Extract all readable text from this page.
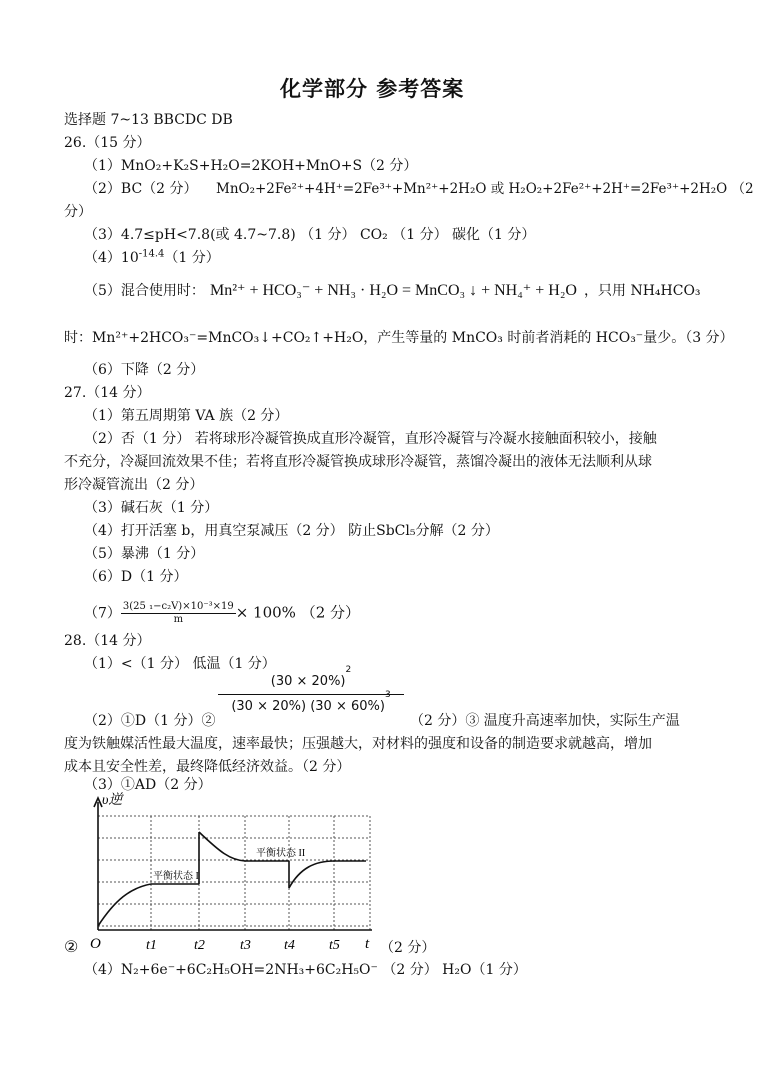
化学部分 参考答案
选择题 7~13 BBCDC DB
26.（15 分）
（1）MnO₂+K₂S+H₂O=2KOH+MnO+S（2 分）
（2）BC（2 分） MnO₂+2Fe²⁺+4H⁺=2Fe³⁺+Mn²⁺+2H₂O 或 H₂O₂+2Fe²⁺+2H⁺=2Fe³⁺+2H₂O （2
分）
（3）4.7≤pH<7.8(或 4.7~7.8) （1 分） CO₂ （1 分） 碳化（1 分）
$(4)10^{-14.4}(1$ 分）
（5）混合使用时： Mn²⁺ + HCO₃⁻ + NH₃ · H₂O = MnCO₃ ↓ + NH₄⁺ + H₂O ，只用 NH₄HCO₃
时：Mn²⁺+2HCO₃⁻=MnCO₃↓+CO₂↑+H₂O，产生等量的 MnCO₃ 时前者消耗的 HCO₃⁻量少。（3 分）
（6）下降（2 分）
27.（14 分）
（1）第五周期第 VA 族（2 分）
（2）否（1 分） 若将球形冷凝管换成直形冷凝管，直形冷凝管与冷凝水接触面积较小，接触
不充分，冷凝回流效果不佳；若将直形冷凝管换成球形冷凝管，蒸馏冷凝出的液体无法顺利从球
形冷凝管流出（2 分）
（3）碱石灰（1 分）
（4）打开活塞 b，用真空泵减压（2 分） 防止SbCl₅分解（2 分）
（5）暴沸（1 分）
（6）D（1 分）
$(7) \frac{\text{3(25 ₁−c₂V)×10⁻³×19}}{m} \times 100\%$ （2 分）
28.（14 分）
（1）<（1 分） 低温（1 分）
$(30 \times 20\%)^2$
(30 × 20%) $(30 \times 60\%)^3$
（2）①D（1 分）②	（2 分）③ 温度升高速率加快，实际生产温
度为铁触媒活性最大温度，速率最快；压强越大，对材料的强度和设备的制造要求就越高，增加
成本且安全性差，最终降低经济效益。（2 分）
（3）①AD（2 分）
υ逆
O	t
t1	t2	t3 t4 t5
平衡状态 I
平衡状态 II
②	（2 分）
（4）N₂+6e⁻+6C₂H₅OH=2NH₃+6C₂H₅O⁻ （2 分） H₂O（1 分）
